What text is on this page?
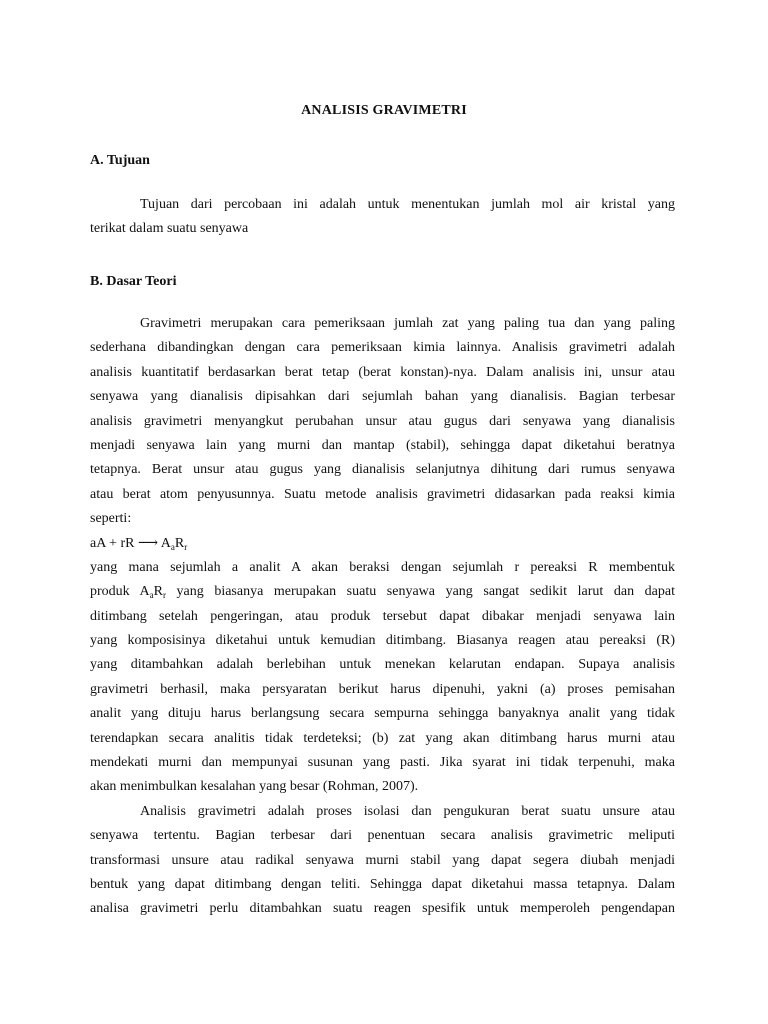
ANALISIS GRAVIMETRI
A. Tujuan
Tujuan dari percobaan ini adalah untuk menentukan jumlah mol air kristal yang
terikat dalam suatu senyawa
B. Dasar Teori
Gravimetri merupakan cara pemeriksaan jumlah zat yang paling tua dan yang paling
sederhana dibandingkan dengan cara pemeriksaan kimia lainnya. Analisis gravimetri adalah
analisis kuantitatif berdasarkan berat tetap (berat konstan)-nya. Dalam analisis ini, unsur atau
senyawa yang dianalisis dipisahkan dari sejumlah bahan yang dianalisis. Bagian terbesar
analisis gravimetri menyangkut perubahan unsur atau gugus dari senyawa yang dianalisis
menjadi senyawa lain yang murni dan mantap (stabil), sehingga dapat diketahui beratnya
tetapnya. Berat unsur atau gugus yang dianalisis selanjutnya dihitung dari rumus senyawa
atau berat atom penyusunnya. Suatu metode analisis gravimetri didasarkan pada reaksi kimia
seperti:
aA + rR ⟶ $A_aR_r$
yang mana sejumlah a analit A akan beraksi dengan sejumlah r pereaksi R membentuk
produk $A_aR_r$ yang biasanya merupakan suatu senyawa yang sangat sedikit larut dan dapat
ditimbang setelah pengeringan, atau produk tersebut dapat dibakar menjadi senyawa lain
yang komposisinya diketahui untuk kemudian ditimbang. Biasanya reagen atau pereaksi (R)
yang ditambahkan adalah berlebihan untuk menekan kelarutan endapan. Supaya analisis
gravimetri berhasil, maka persyaratan berikut harus dipenuhi, yakni (a) proses pemisahan
analit yang dituju harus berlangsung secara sempurna sehingga banyaknya analit yang tidak
terendapkan secara analitis tidak terdeteksi; (b) zat yang akan ditimbang harus murni atau
mendekati murni dan mempunyai susunan yang pasti. Jika syarat ini tidak terpenuhi, maka
akan menimbulkan kesalahan yang besar (Rohman, 2007).
Analisis gravimetri adalah proses isolasi dan pengukuran berat suatu unsure atau
senyawa tertentu. Bagian terbesar dari penentuan secara analisis gravimetric meliputi
transformasi unsure atau radikal senyawa murni stabil yang dapat segera diubah menjadi
bentuk yang dapat ditimbang dengan teliti. Sehingga dapat diketahui massa tetapnya. Dalam
analisa gravimetri perlu ditambahkan suatu reagen spesifik untuk memperoleh pengendapan
